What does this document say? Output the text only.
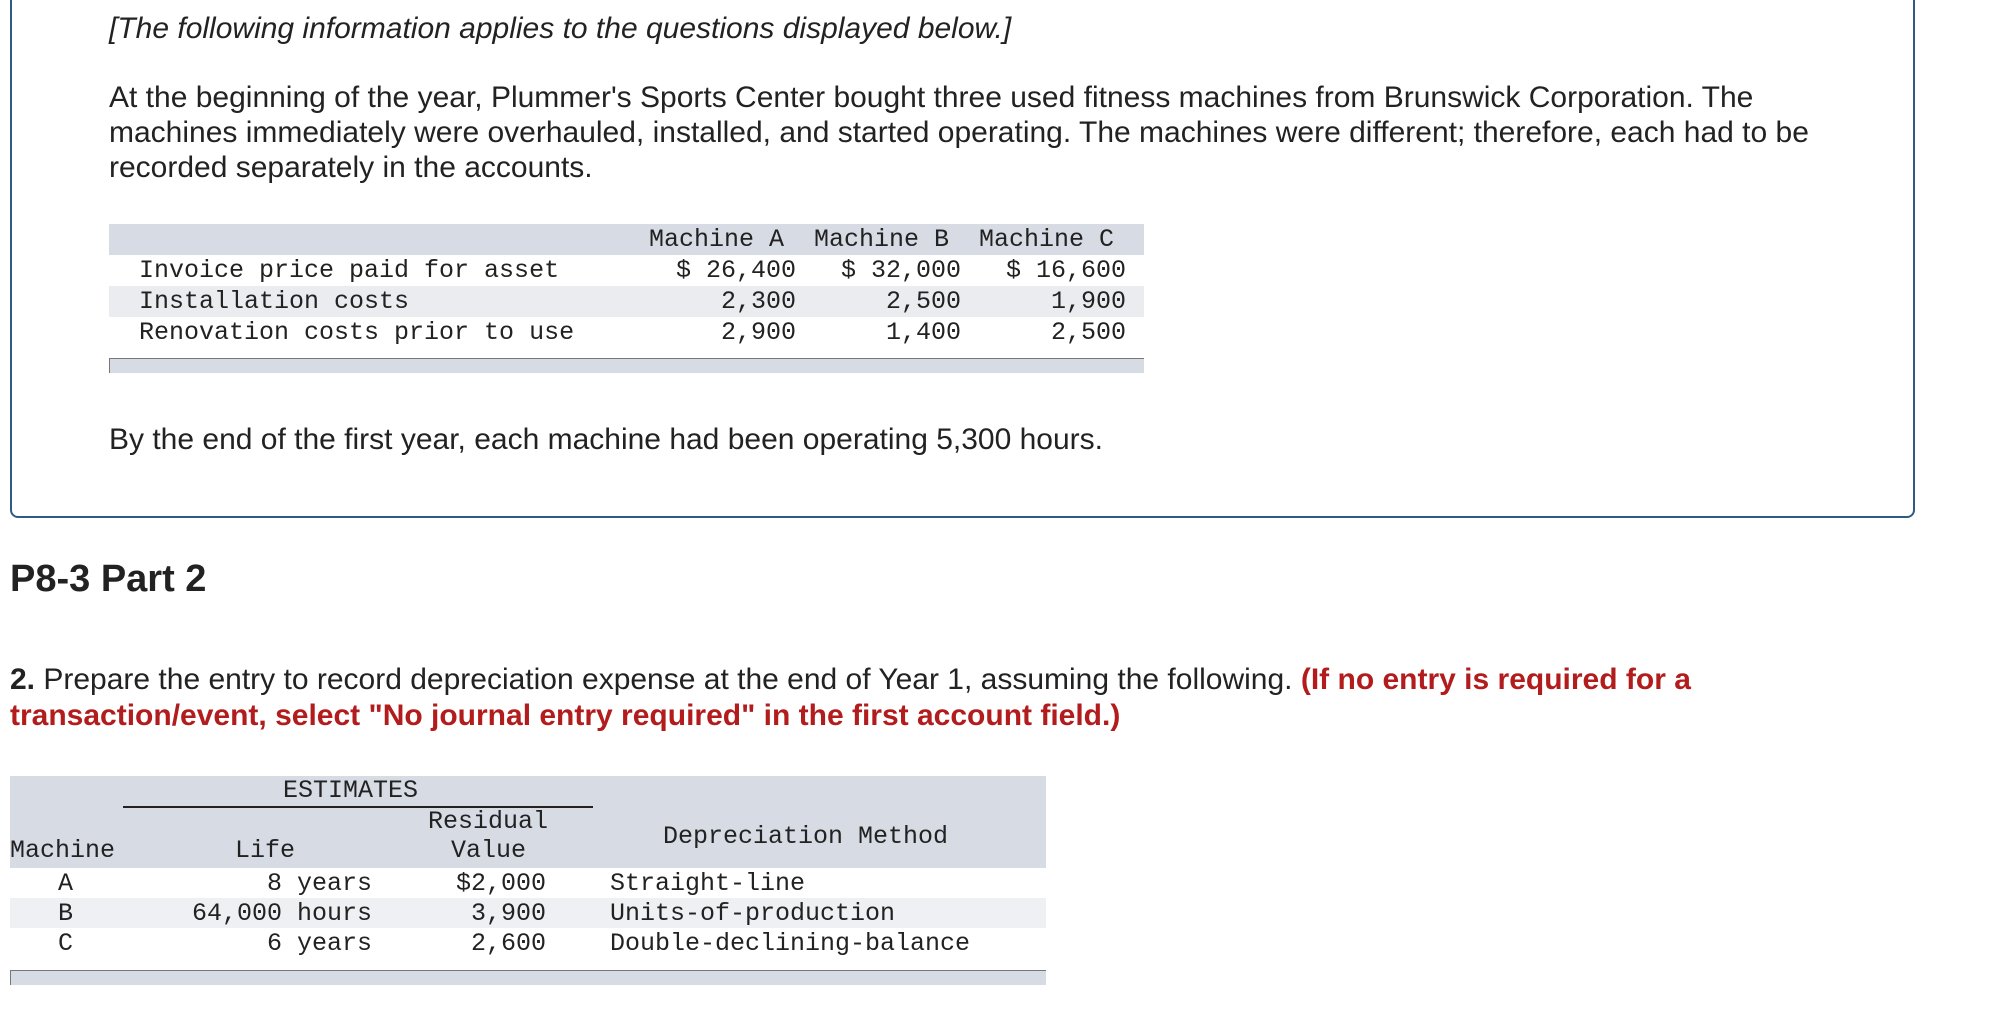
[The following information applies to the questions displayed below.]
At the beginning of the year, Plummer's Sports Center bought three used fitness machines from Brunswick Corporation. The machines immediately were overhauled, installed, and started operating. The machines were different; therefore, each had to be recorded separately in the accounts.
Machine A Machine B Machine C
Invoice price paid for asset	$ 26,400 $ 32,000 $ 16,600
Installation costs	2,300	2,500	1,900
Renovation costs prior to use	2,900	1,400	2,500
By the end of the first year, each machine had been operating 5,300 hours.
P8-3 Part 2
2. Prepare the entry to record depreciation expense at the end of Year 1, assuming the following. (If no entry is required for a transaction/event, select "No journal entry required" in the first account field.)
ESTIMATES
Machine	Life
Residual
Value	Depreciation Method
A	8 years	$2,000	Straight-line
B	64,000 hours	3,900	Units-of-production
C	6 years	2,600	Double-declining-balance
